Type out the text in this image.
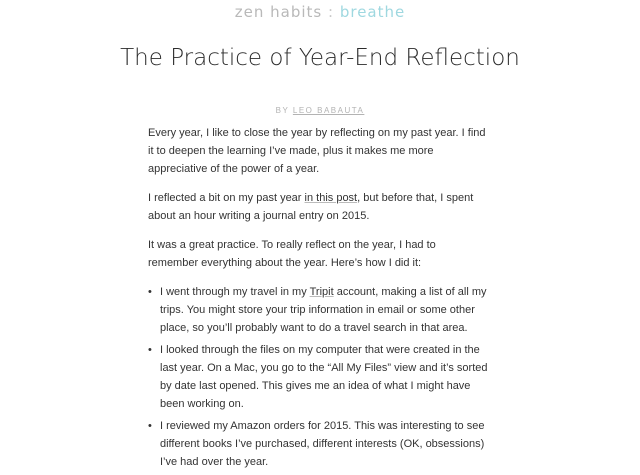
zen habits : breathe
The Practice of Year-End Reflection
BY LEO BABAUTA

Every year, I like to close the year by reflecting on my past year. I find it to deepen the learning I’ve made, plus it makes me more appreciative of the power of a year.

I reflected a bit on my past year in this post, but before that, I spent about an hour writing a journal entry on 2015.

It was a great practice. To really reflect on the year, I had to remember everything about the year. Here’s how I did it:

• I went through my travel in my Tripit account, making a list of all my trips. You might store your trip information in email or some other place, so you’ll probably want to do a travel search in that area.
• I looked through the files on my computer that were created in the last year. On a Mac, you go to the “All My Files” view and it’s sorted by date last opened. This gives me an idea of what I might have been working on.
• I reviewed my Amazon orders for 2015. This was interesting to see different books I’ve purchased, different interests (OK, obsessions) I’ve had over the year.
